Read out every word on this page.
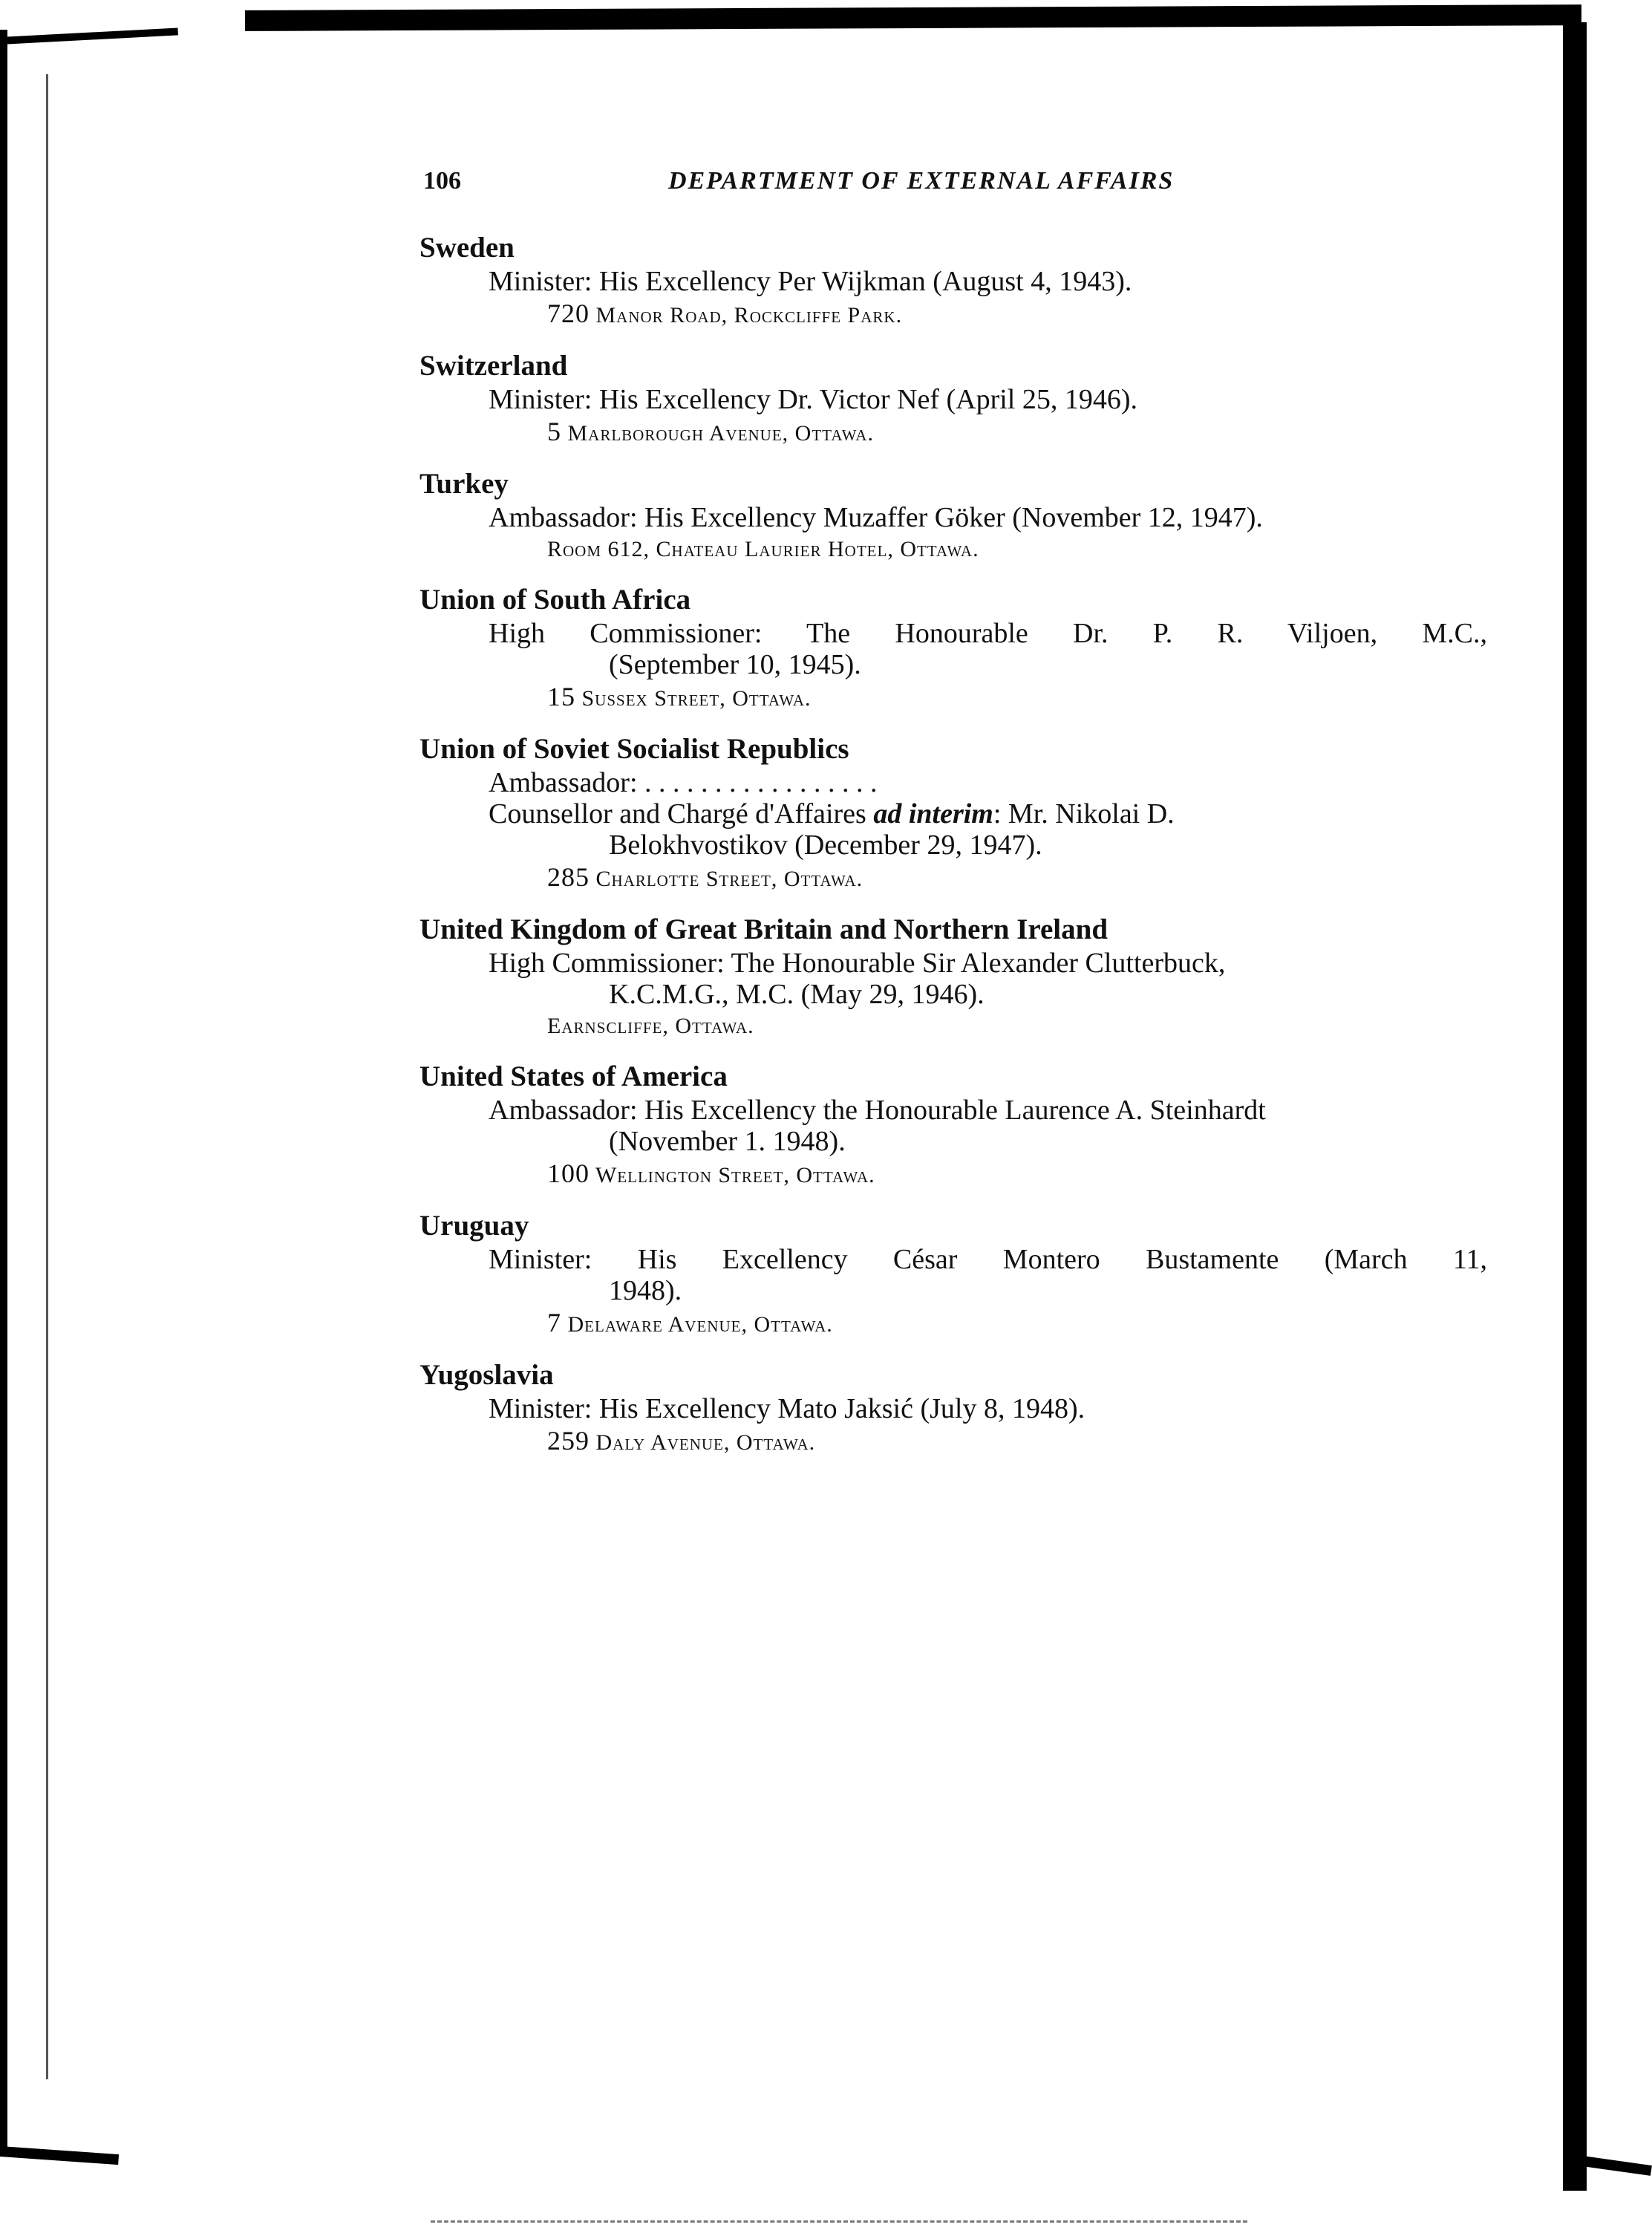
106	DEPARTMENT OF EXTERNAL AFFAIRS
Sweden
Minister: His Excellency Per Wijkman (August 4, 1943).
720 Manor Road, Rockcliffe Park.
Switzerland
Minister: His Excellency Dr. Victor Nef (April 25, 1946).
5 Marlborough Avenue, Ottawa.
Turkey
Ambassador: His Excellency Muzaffer Göker (November 12, 1947).
Room 612, Chateau Laurier Hotel, Ottawa.
Union of South Africa
High Commissioner: The Honourable Dr. P. R. Viljoen, M.C.,
(September 10, 1945).
15 Sussex Street, Ottawa.
Union of Soviet Socialist Republics
Ambassador: . . . . . . . . . . . . . . . . .
Counsellor and Chargé d'Affaires ad interim: Mr. Nikolai D.
Belokhvostikov (December 29, 1947).
285 Charlotte Street, Ottawa.
United Kingdom of Great Britain and Northern Ireland
High Commissioner: The Honourable Sir Alexander Clutterbuck,
K.C.M.G., M.C. (May 29, 1946).
Earnscliffe, Ottawa.
United States of America
Ambassador: His Excellency the Honourable Laurence A. Steinhardt
(November 1. 1948).
100 Wellington Street, Ottawa.
Uruguay
Minister: His Excellency César Montero Bustamente (March 11,
1948).
7 Delaware Avenue, Ottawa.
Yugoslavia
Minister: His Excellency Mato Jaksić (July 8, 1948).
259 Daly Avenue, Ottawa.
